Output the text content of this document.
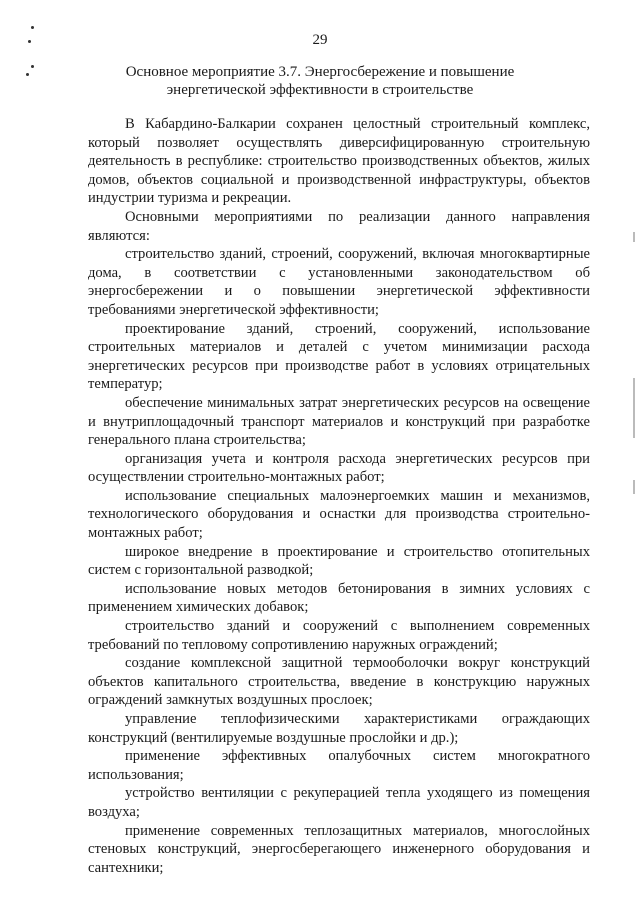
29

Основное мероприятие 3.7. Энергосбережение и повышение
энергетической эффективности в строительстве

В Кабардино-Балкарии сохранен целостный строительный комплекс, который позволяет осуществлять диверсифицированную строительную деятельность в республике: строительство производственных объектов, жилых домов, объектов социальной и производственной инфраструктуры, объектов индустрии туризма и рекреации.

Основными мероприятиями по реализации данного направления являются:

строительство зданий, строений, сооружений, включая многоквартирные дома, в соответствии с установленными законодательством об энергосбережении и о повышении энергетической эффективности требованиями энергетической эффективности;

проектирование зданий, строений, сооружений, использование строительных материалов и деталей с учетом минимизации расхода энергетических ресурсов при производстве работ в условиях отрицательных температур;

обеспечение минимальных затрат энергетических ресурсов на освещение и внутриплощадочный транспорт материалов и конструкций при разработке генерального плана строительства;

организация учета и контроля расхода энергетических ресурсов при осуществлении строительно-монтажных работ;

использование специальных малоэнергоемких машин и механизмов, технологического оборудования и оснастки для производства строительно-монтажных работ;

широкое внедрение в проектирование и строительство отопительных систем с горизонтальной разводкой;

использование новых методов бетонирования в зимних условиях с применением химических добавок;

строительство зданий и сооружений с выполнением современных требований по тепловому сопротивлению наружных ограждений;

создание комплексной защитной термооболочки вокруг конструкций объектов капитального строительства, введение в конструкцию наружных ограждений замкнутых воздушных прослоек;

управление теплофизическими характеристиками ограждающих конструкций (вентилируемые воздушные прослойки и др.);

применение эффективных опалубочных систем многократного использования;

устройство вентиляции с рекуперацией тепла уходящего из помещения воздуха;

применение современных теплозащитных материалов, многослойных стеновых конструкций, энергосберегающего инженерного оборудования и сантехники;
